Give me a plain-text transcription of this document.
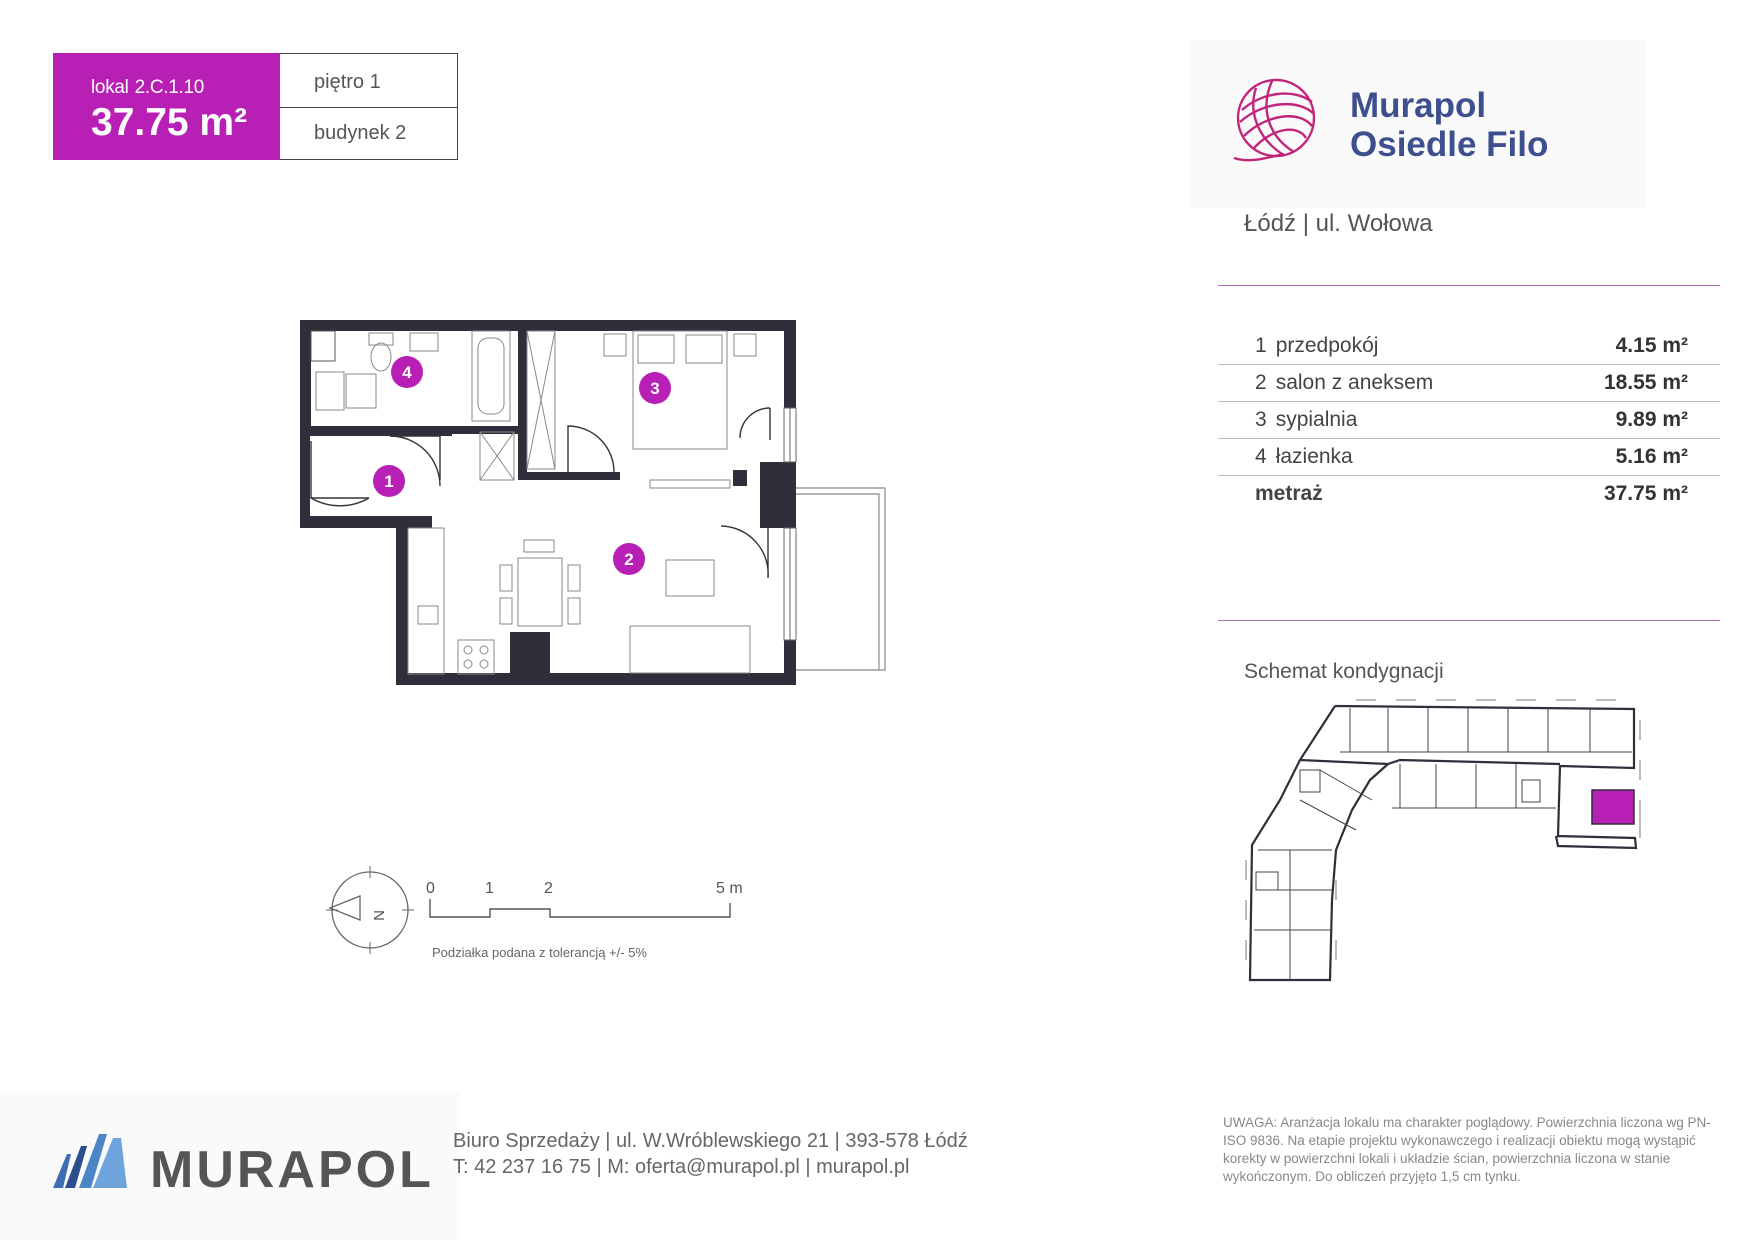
lokal 2.C.1.10
37.75 m²
piętro 1
budynek 2
Murapol
Osiedle Filo
Łódź | ul. Wołowa
1 przedpokój	4.15 m²
2 salon z aneksem	18.55 m²
3 sypialnia	9.89 m²
4 łazienka	5.16 m²
metraż	37.75 m²
Schemat kondygnacji
1
2
3
4
N
0	1	2	5 m
Podziałka podana z tolerancją +/- 5%
MURAPOL Biuro Sprzedaży | ul. W.Wróblewskiego 21 | 393-578 Łódź
T: 42 237 16 75 | M: oferta@murapol.pl | murapol.pl
UWAGA: Aranżacja lokalu ma charakter poglądowy. Powierzchnia liczona wg PN-ISO 9836. Na etapie projektu wykonawczego i realizacji obiektu mogą wystąpić korekty w powierzchni lokali i układzie ścian, powierzchnia liczona w stanie wykończonym. Do obliczeń przyjęto 1,5 cm tynku.
